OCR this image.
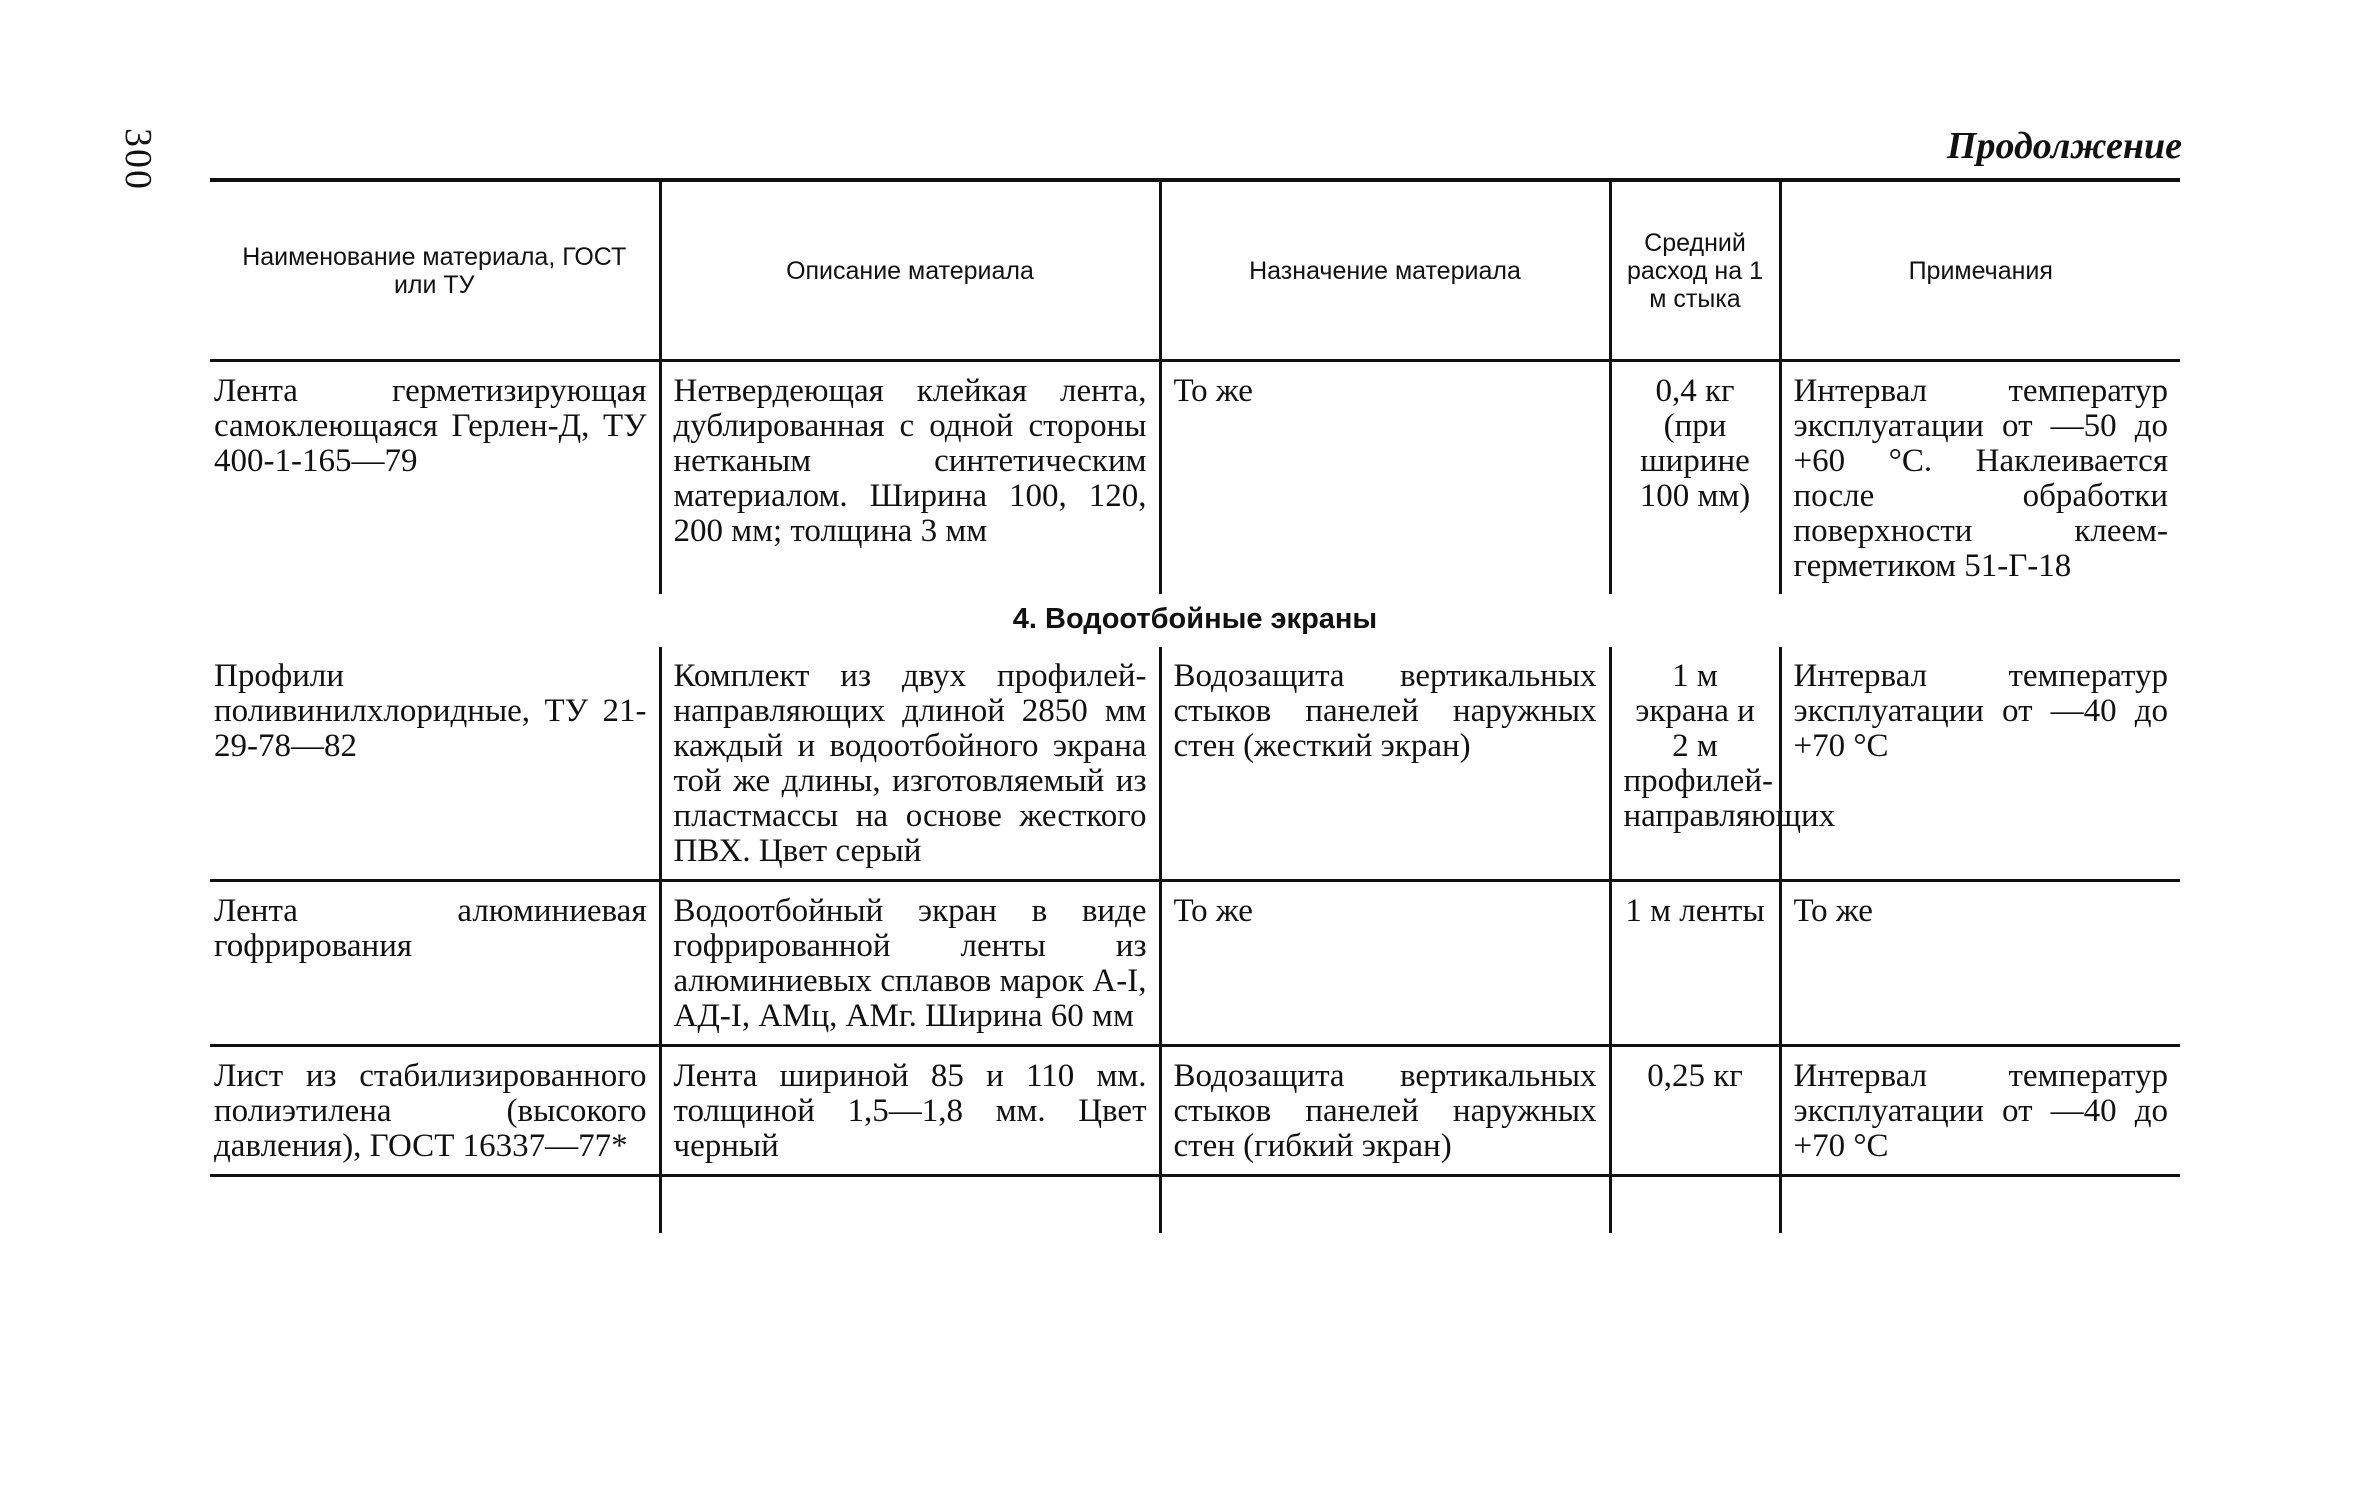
300	Продолжение
Наименование материала, ГОСТ или ТУ	Описание материала	Назначение материала	Средний расход на 1 м стыка	Примечания
Лента герметизирующая самоклеющаяся Герлен-Д, ТУ 400-1-165—79	Нетвердеющая клейкая лента, дублированная с одной стороны нетканым синтетическим материалом. Ширина 100, 120, 200 мм; толщина 3 мм	То же	0,4 кг (при ширине 100 мм)	Интервал температур эксплуатации от —50 до +60 °С. Наклеивается после обработки поверхности клеем-герметиком 51-Г-18
4. Водоотбойные экраны				
Профили поливинилхлоридные, ТУ 21-29-78—82	Комплект из двух профилей-направляющих длиной 2850 мм каждый и водоотбойного экрана той же длины, изготовляемый из пластмассы на основе жесткого ПВХ. Цвет серый	Водозащита вертикальных стыков панелей наружных стен (жесткий экран)	1 м экрана и 2 м профилей-направляющих	Интервал температур эксплуатации от —40 до +70 °С
Лента алюминиевая гофрирования	Водоотбойный экран в виде гофрированной ленты из алюминиевых сплавов марок А-I, АД-I, АМц, АМг. Ширина 60 мм	То же	1 м ленты	То же
Лист из стабилизированного полиэтилена (высокого давления), ГОСТ 16337—77*	Лента шириной 85 и 110 мм. толщиной 1,5—1,8 мм. Цвет черный	Водозащита вертикальных стыков панелей наружных стен (гибкий экран)	0,25 кг	Интервал температур эксплуатации от —40 до +70 °С
